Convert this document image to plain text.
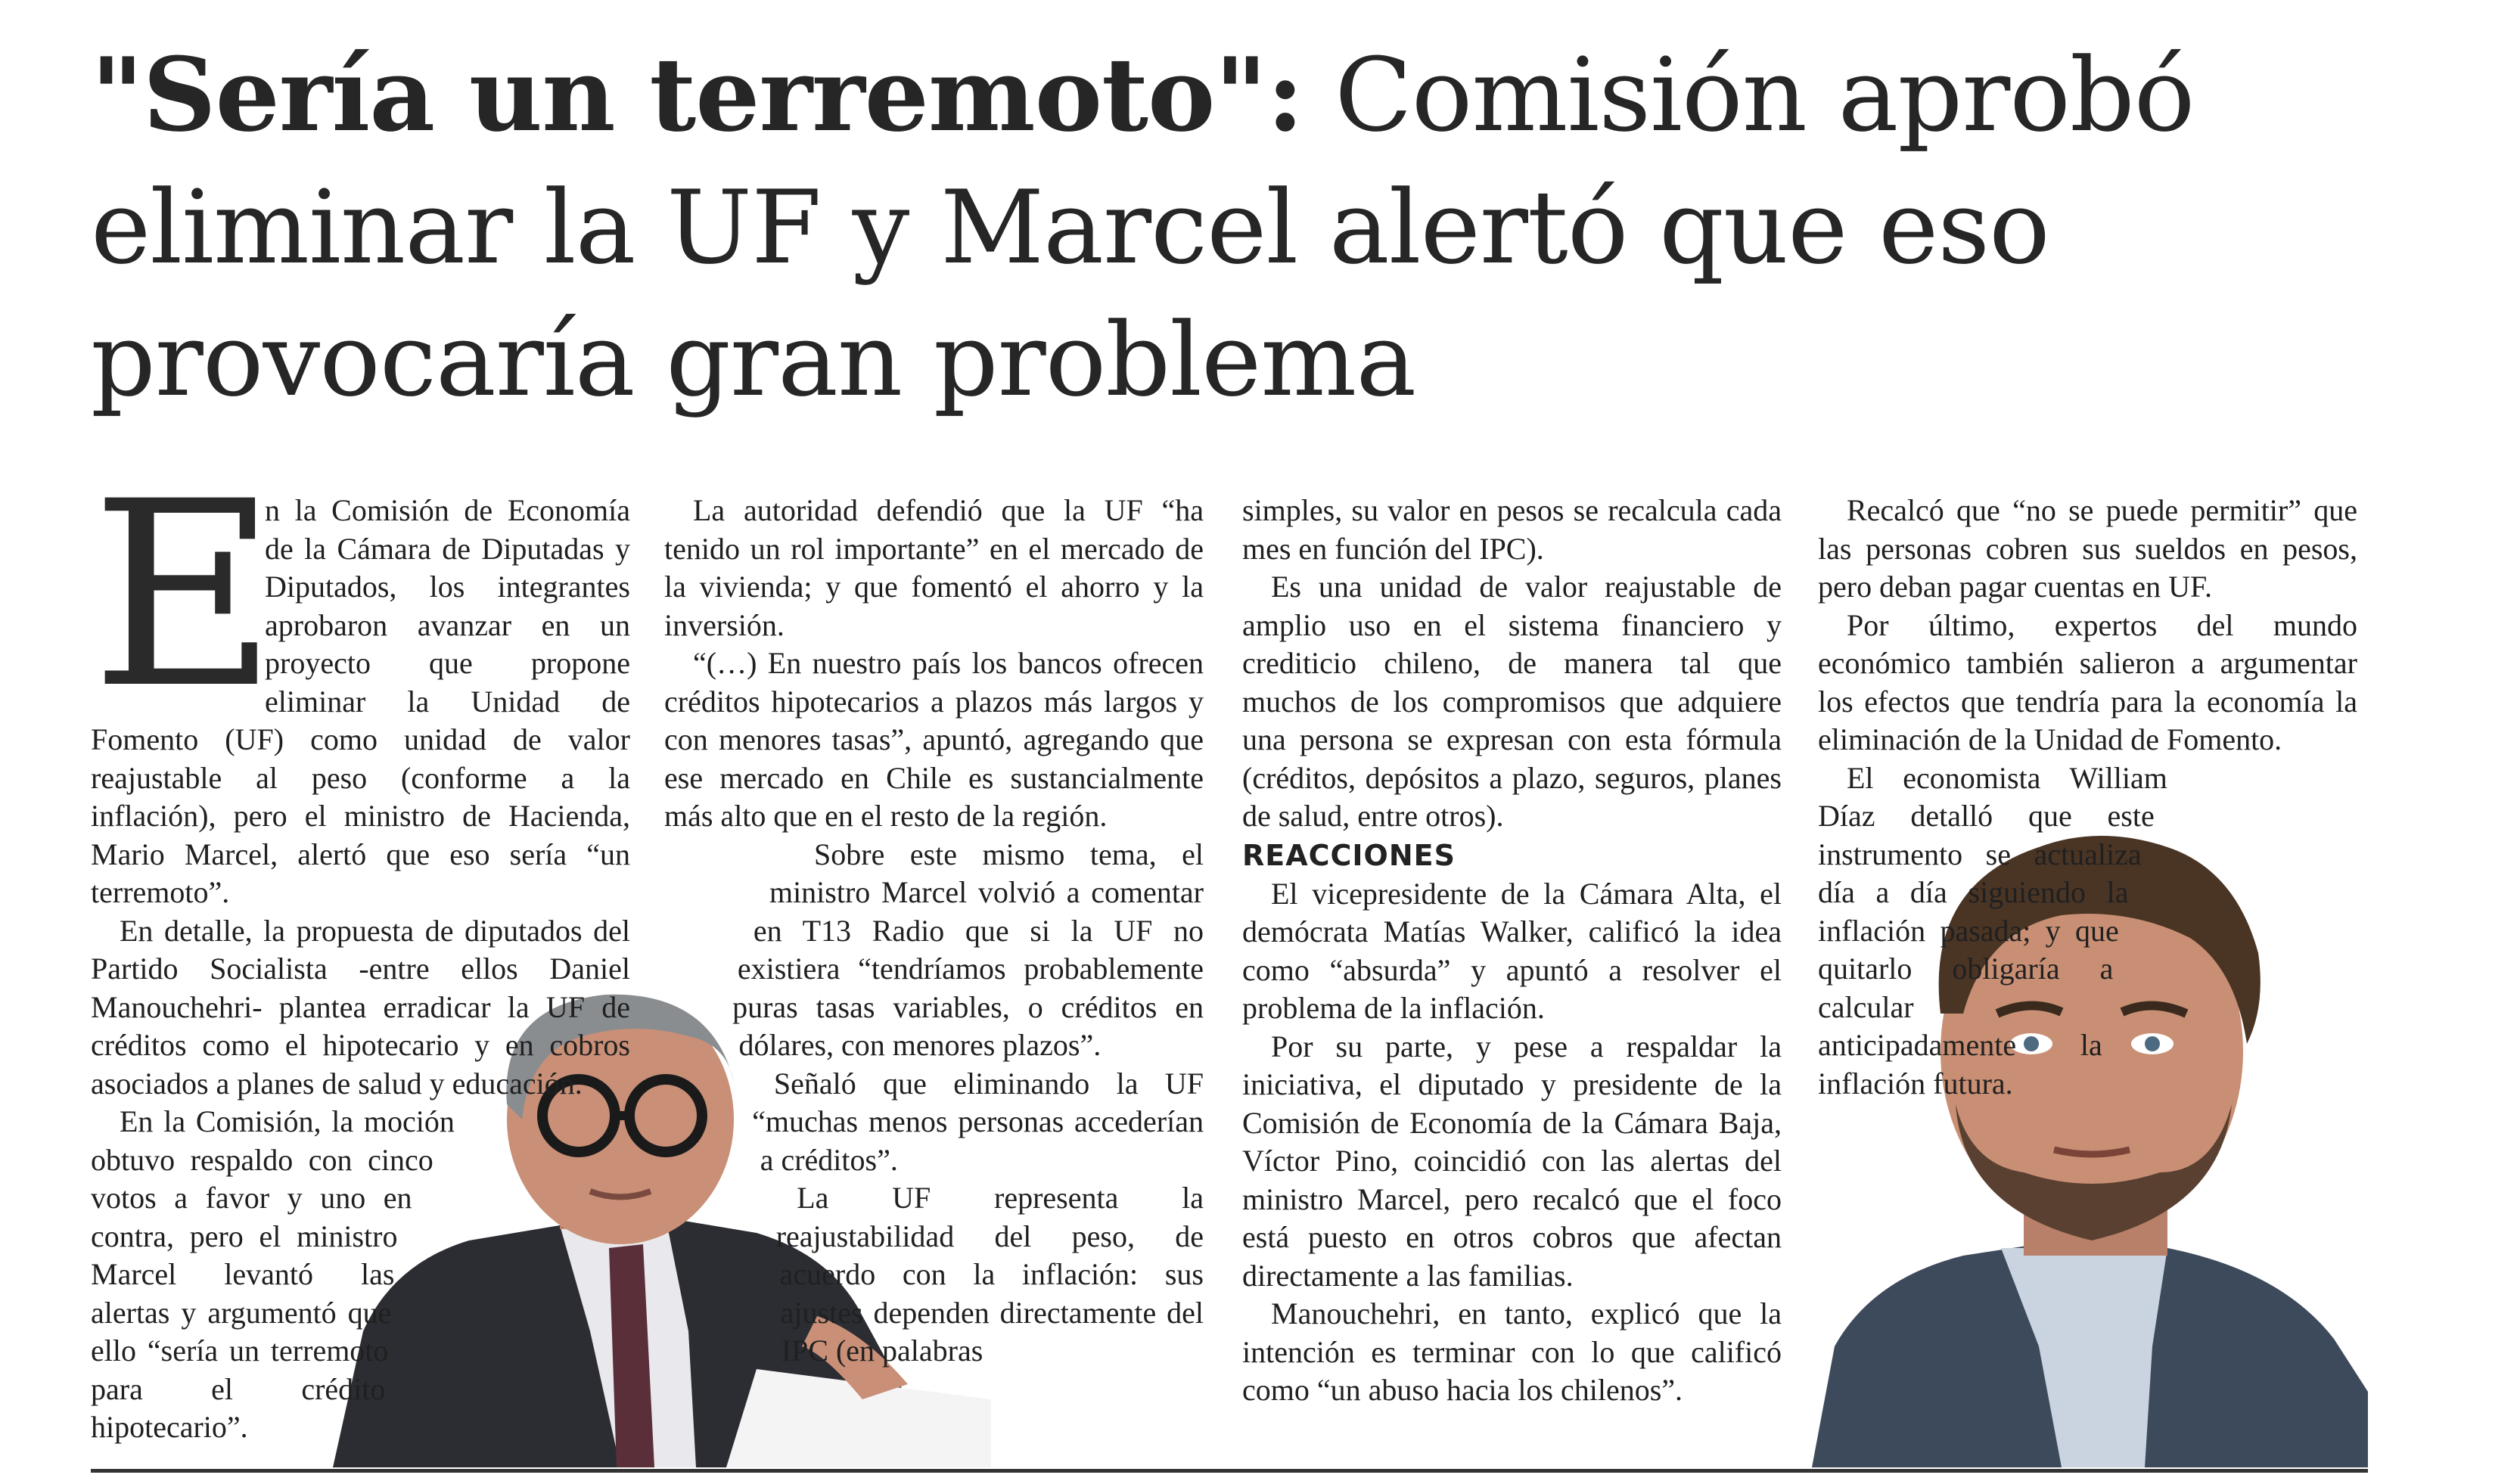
"Sería un terremoto": Comisión aprobó eliminar la UF y Marcel alertó que eso provocaría gran problema
E

n la Comisión de Economía de la Cámara de Diputadas y Diputados, los integrantes aprobaron avanzar en un proyecto que propone eliminar la Unidad de Fomento (UF) como unidad de valor reajustable al peso (conforme a la inflación), pero el ministro de Hacienda, Mario Marcel, alertó que eso sería “un terremoto”.

En detalle, la propuesta de diputados del Partido Socialista -entre ellos Daniel Manouchehri- plantea erradicar la UF de créditos como el hipotecario y en cobros asociados a planes de salud y educación.

En la Comisión, la moción obtuvo respaldo con cinco votos a favor y uno en contra, pero el ministro Marcel levantó las alertas y argumentó que ello “sería un terremoto para el crédito hipotecario”.

La autoridad defendió que la UF “ha tenido un rol importante” en el mercado de la vivienda; y que fomentó el ahorro y la inversión.

“(…) En nuestro país los bancos ofrecen créditos hipotecarios a plazos más largos y con menores tasas”, apuntó, agregando que ese mercado en Chile es sustancialmente más alto que en el resto de la región.

Sobre este mismo tema, el ministro Marcel volvió a comentar en T13 Radio que si la UF no existiera “tendríamos probablemente puras tasas variables, o créditos en dólares, con menores plazos”.

Señaló que eliminando la UF “muchas menos personas accederían a créditos”.

La UF representa la reajustabilidad del peso, de acuerdo con la inflación: sus ajustes dependen directamente del IPC (en palabras

simples, su valor en pesos se recalcula cada mes en función del IPC).

Es una unidad de valor reajustable de amplio uso en el sistema financiero y crediticio chileno, de manera tal que muchos de los compromisos que adquiere una persona se expresan con esta fórmula (créditos, depósitos a plazo, seguros, planes de salud, entre otros).

REACCIONES

El vicepresidente de la Cámara Alta, el demócrata Matías Walker, calificó la idea como “absurda” y apuntó a resolver el problema de la inflación.

Por su parte, y pese a respaldar la iniciativa, el diputado y presidente de la Comisión de Economía de la Cámara Baja, Víctor Pino, coincidió con las alertas del ministro Marcel, pero recalcó que el foco está puesto en otros cobros que afectan directamente a las familias.

Manouchehri, en tanto, explicó que la intención es terminar con lo que calificó como “un abuso hacia los chilenos”.

Recalcó que “no se puede permitir” que las personas cobren sus sueldos en pesos, pero deban pagar cuentas en UF.

Por último, expertos del mundo económico también salieron a argumentar los efectos que tendría para la economía la eliminación de la Unidad de Fomento.

El economista William Díaz detalló que este instrumento se actualiza día a día siguiendo la inflación pasada; y que quitarlo obligaría a calcular anticipadamente la inflación futura.
